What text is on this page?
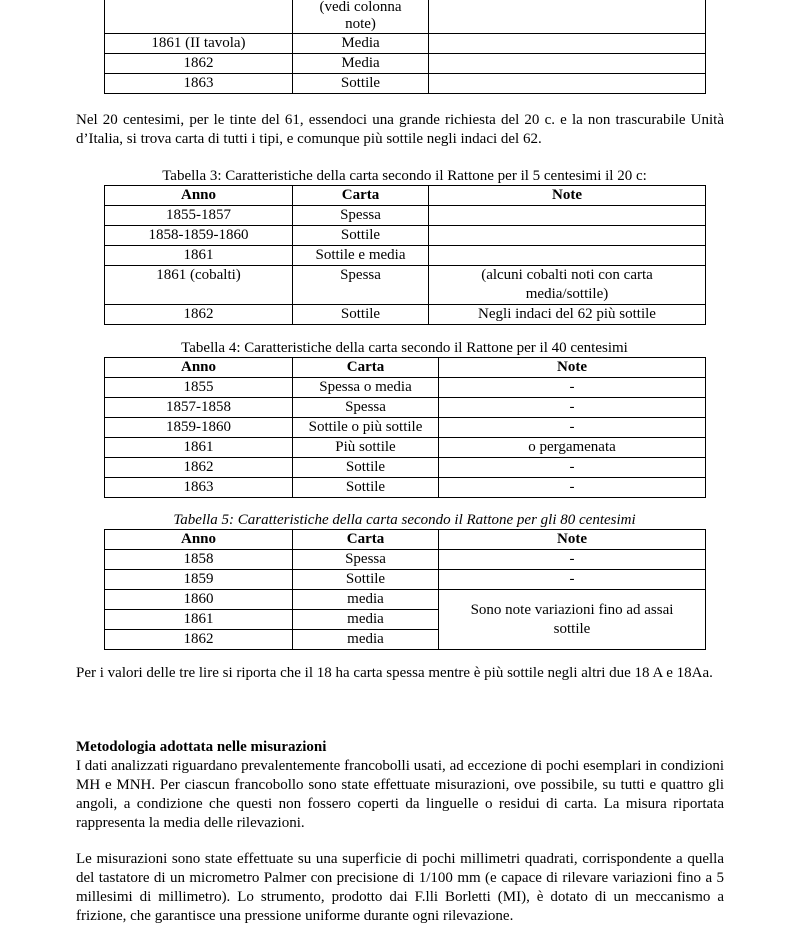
	(vedi colonna
note)	

1861 (II tavola)	Media	
1862	Media	
1863	Sottile	

Nel 20 centesimi, per le tinte del 61, essendoci una grande richiesta del 20 c. e la non trascurabile Unità d’Italia, si trova carta di tutti i tipi, e comunque più sottile negli indaci del 62.

Tabella 3: Caratteristiche della carta secondo il Rattone per il 5 centesimi il 20 c:

Anno	Carta	Note
1855-1857	Spessa	
1858-1859-1860	Sottile	
1861	Sottile e media	
1861 (cobalti)	Spessa	(alcuni cobalti noti con carta media/sottile)
1862	Sottile	Negli indaci del 62 più sottile

Tabella 4: Caratteristiche della carta secondo il Rattone per il 40 centesimi

Anno	Carta	Note
1855	Spessa o media	-
1857-1858	Spessa	-
1859-1860	Sottile o più sottile	-
1861	Più sottile	o pergamenata
1862	Sottile	-
1863	Sottile	-

Tabella 5: Caratteristiche della carta secondo il Rattone per gli 80 centesimi

Anno	Carta	Note
1858	Spessa	-
1859	Sottile	-
1860	media	Sono note variazioni fino ad assai sottile
1861	media	
1862	media	

Per i valori delle tre lire si riporta che il 18 ha carta spessa mentre è più sottile negli altri due 18 A e 18Aa.

Metodologia adottata nelle misurazioni

I dati analizzati riguardano prevalentemente francobolli usati, ad eccezione di pochi esemplari in condizioni MH e MNH. Per ciascun francobollo sono state effettuate misurazioni, ove possibile, su tutti e quattro gli angoli, a condizione che questi non fossero coperti da linguelle o residui di carta. La misura riportata rappresenta la media delle rilevazioni.

Le misurazioni sono state effettuate su una superficie di pochi millimetri quadrati, corrispondente a quella del tastatore di un micrometro Palmer con precisione di 1/100 mm (e capace di rilevare variazioni fino a 5 millesimi di millimetro). Lo strumento, prodotto dai F.lli Borletti (MI), è dotato di un meccanismo a frizione, che garantisce una pressione uniforme durante ogni rilevazione.
